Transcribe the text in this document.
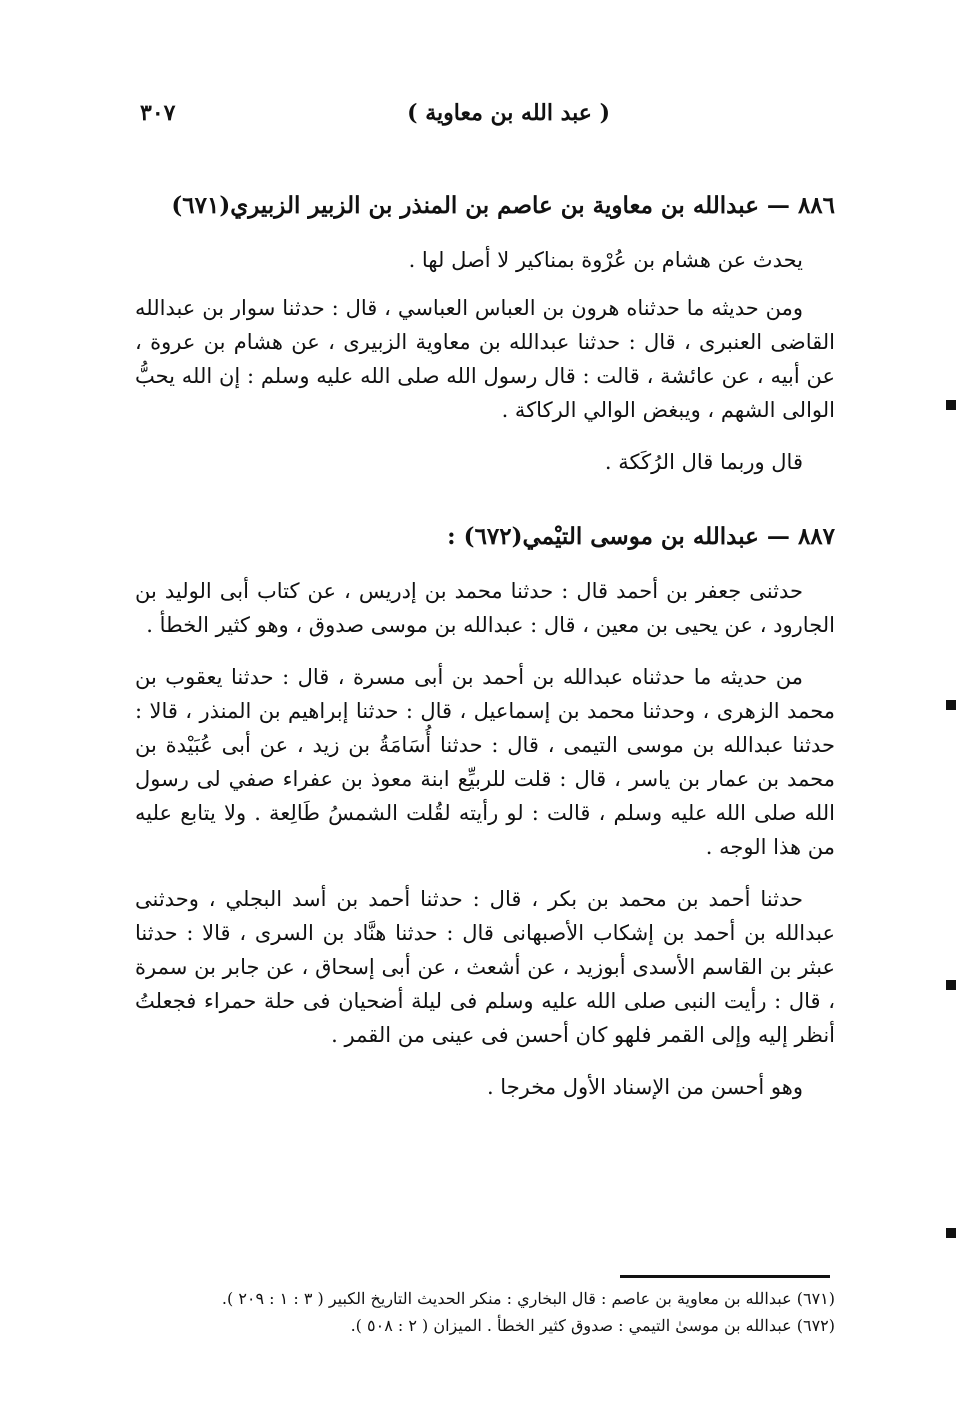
( عبد الله بن معاوية )
٣٠٧
٨٨٦ — عبدالله بن معاوية بن عاصم بن المنذر بن الزبير الزبيري(٦٧١)

يحدث عن هشام بن عُرْوة بمناكير لا أصل لها .

ومن حديثه ما حدثناه هرون بن العباس العباسي ، قال : حدثنا سوار بن عبدالله القاضى العنبرى ، قال : حدثنا عبدالله بن معاوية الزبيرى ، عن هشام بن عروة ، عن أبيه ، عن عائشة ، قالت : قال رسول الله صلى الله عليه وسلم : إن الله يحبُّ الوالى الشهم ، ويبغض الوالي الركاكة .

قال وربما قال الرُكَكة .

٨٨٧ — عبدالله بن موسى التيْمي(٦٧٢) :

حدثنى جعفر بن أحمد قال : حدثنا محمد بن إدريس ، عن كتاب أبى الوليد بن الجارود ، عن يحيى بن معين ، قال : عبدالله بن موسى صدوق ، وهو كثير الخطأ .

من حديثه ما حدثناه عبدالله بن أحمد بن أبى مسرة ، قال : حدثنا يعقوب بن محمد الزهرى ، وحدثنا محمد بن إسماعيل ، قال : حدثنا إبراهيم بن المنذر ، قالا : حدثنا عبدالله بن موسى التيمى ، قال : حدثنا أُسَامَةُ بن زيد ، عن أبى عُبَيْدة بن محمد بن عمار بن ياسر ، قال : قلت للربيِّع ابنة معوذ بن عفراء صفي لى رسول الله صلى الله عليه وسلم ، قالت : لو رأيته لقُلت الشمسُ طَالِعة . ولا يتابع عليه من هذا الوجه .

حدثنا أحمد بن محمد بن بكر ، قال : حدثنا أحمد بن أسد البجلي ، وحدثنى عبدالله بن أحمد بن إشكاب الأصبهانى قال : حدثنا هنَّاد بن السرى ، قالا : حدثنا عبثر بن القاسم الأسدى أبوزيد ، عن أشعث ، عن أبى إسحاق ، عن جابر بن سمرة ، قال : رأيت النبى صلى الله عليه وسلم فى ليلة أضحيان فى حلة حمراء فجعلتُ أنظر إليه وإلى القمر فلهو كان أحسن فى عينى من القمر .

وهو أحسن من الإسناد الأول مخرجا .

(٦٧١) عبدالله بن معاوية بن عاصم : قال البخاري : منكر الحديث التاريخ الكبير ( ٣ : ١ : ٢٠٩ ).

(٦٧٢) عبدالله بن موسىٰ التيمي : صدوق كثير الخطأ . الميزان ( ٢ : ٥٠٨ ).
